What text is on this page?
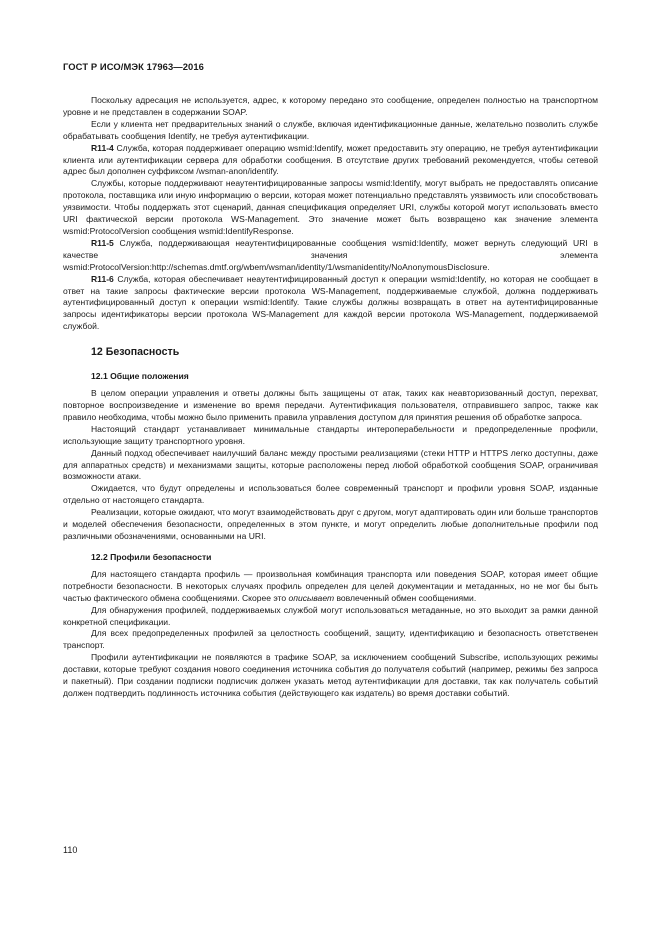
ГОСТ Р ИСО/МЭК 17963—2016

Поскольку адресация не используется, адрес, к которому передано это сообщение, определен полностью на транспортном уровне и не представлен в содержании SOAP.

Если у клиента нет предварительных знаний о службе, включая идентификационные данные, желательно позволить службе обрабатывать сообщения Identify, не требуя аутентификации.

R11-4 Служба, которая поддерживает операцию wsmid:Identify, может предоставить эту операцию, не требуя аутентификации клиента или аутентификации сервера для обработки сообщения. В отсутствие других требований рекомендуется, чтобы сетевой адрес был дополнен суффиксом /wsman-anon/identify.

Службы, которые поддерживают неаутентифицированные запросы wsmid:Identify, могут выбрать не предоставлять описание протокола, поставщика или иную информацию о версии, которая может потенциально представлять уязвимость или способствовать уязвимости. Чтобы поддержать этот сценарий, данная спецификация определяет URI, службы которой могут использовать вместо URI фактической версии протокола WS-Management. Это значение может быть возвращено как значение элемента wsmid:ProtocolVersion сообщения wsmid:IdentifyResponse.

R11-5 Служба, поддерживающая неаутентифицированные сообщения wsmid:Identify, может вернуть следующий URI в качестве значения элемента wsmid:ProtocolVersion:http://schemas.dmtf.org/wbem/wsman/identity/1/wsmanidentity/NoAnonymousDisclosure.

R11-6 Служба, которая обеспечивает неаутентифицированный доступ к операции wsmid:Identify, но которая не сообщает в ответ на такие запросы фактические версии протокола WS-Management, поддерживаемые службой, должна поддерживать аутентифицированный доступ к операции wsmid:Identify. Такие службы должны возвращать в ответ на аутентифицированные запросы идентификаторы версии протокола WS-Management для каждой версии протокола WS-Management, поддерживаемой службой.

12 Безопасность
12.1 Общие положения

В целом операции управления и ответы должны быть защищены от атак, таких как неавторизованный доступ, перехват, повторное воспроизведение и изменение во время передачи. Аутентификация пользователя, отправившего запрос, также как правило необходима, чтобы можно было применить правила управления доступом для принятия решения об обработке запроса.

Настоящий стандарт устанавливает минимальные стандарты интероперабельности и предопределенные профили, использующие защиту транспортного уровня.

Данный подход обеспечивает наилучший баланс между простыми реализациями (стеки HTTP и HTTPS легко доступны, даже для аппаратных средств) и механизмами защиты, которые расположены перед любой обработкой сообщения SOAP, ограничивая возможности атаки.

Ожидается, что будут определены и использоваться более современный транспорт и профили уровня SOAP, изданные отдельно от настоящего стандарта.

Реализации, которые ожидают, что могут взаимодействовать друг с другом, могут адаптировать один или больше транспортов и моделей обеспечения безопасности, определенных в этом пункте, и могут определить любые дополнительные профили под различными обозначениями, основанными на URI.

12.2 Профили безопасности

Для настоящего стандарта профиль — произвольная комбинация транспорта или поведения SOAP, которая имеет общие потребности безопасности. В некоторых случаях профиль определен для целей документации и метаданных, но не мог бы быть частью фактического обмена сообщениями. Скорее это описывает вовлеченный обмен сообщениями.

Для обнаружения профилей, поддерживаемых службой могут использоваться метаданные, но это выходит за рамки данной конкретной спецификации.

Для всех предопределенных профилей за целостность сообщений, защиту, идентификацию и безопасность ответственен транспорт.

Профили аутентификации не появляются в трафике SOAP, за исключением сообщений Subscribe, использующих режимы доставки, которые требуют создания нового соединения источника события до получателя событий (например, режимы без запроса и пакетный). При создании подписки подписчик должен указать метод аутентификации для доставки, так как получатель событий должен подтвердить подлинность источника события (действующего как издатель) во время доставки событий.

110
